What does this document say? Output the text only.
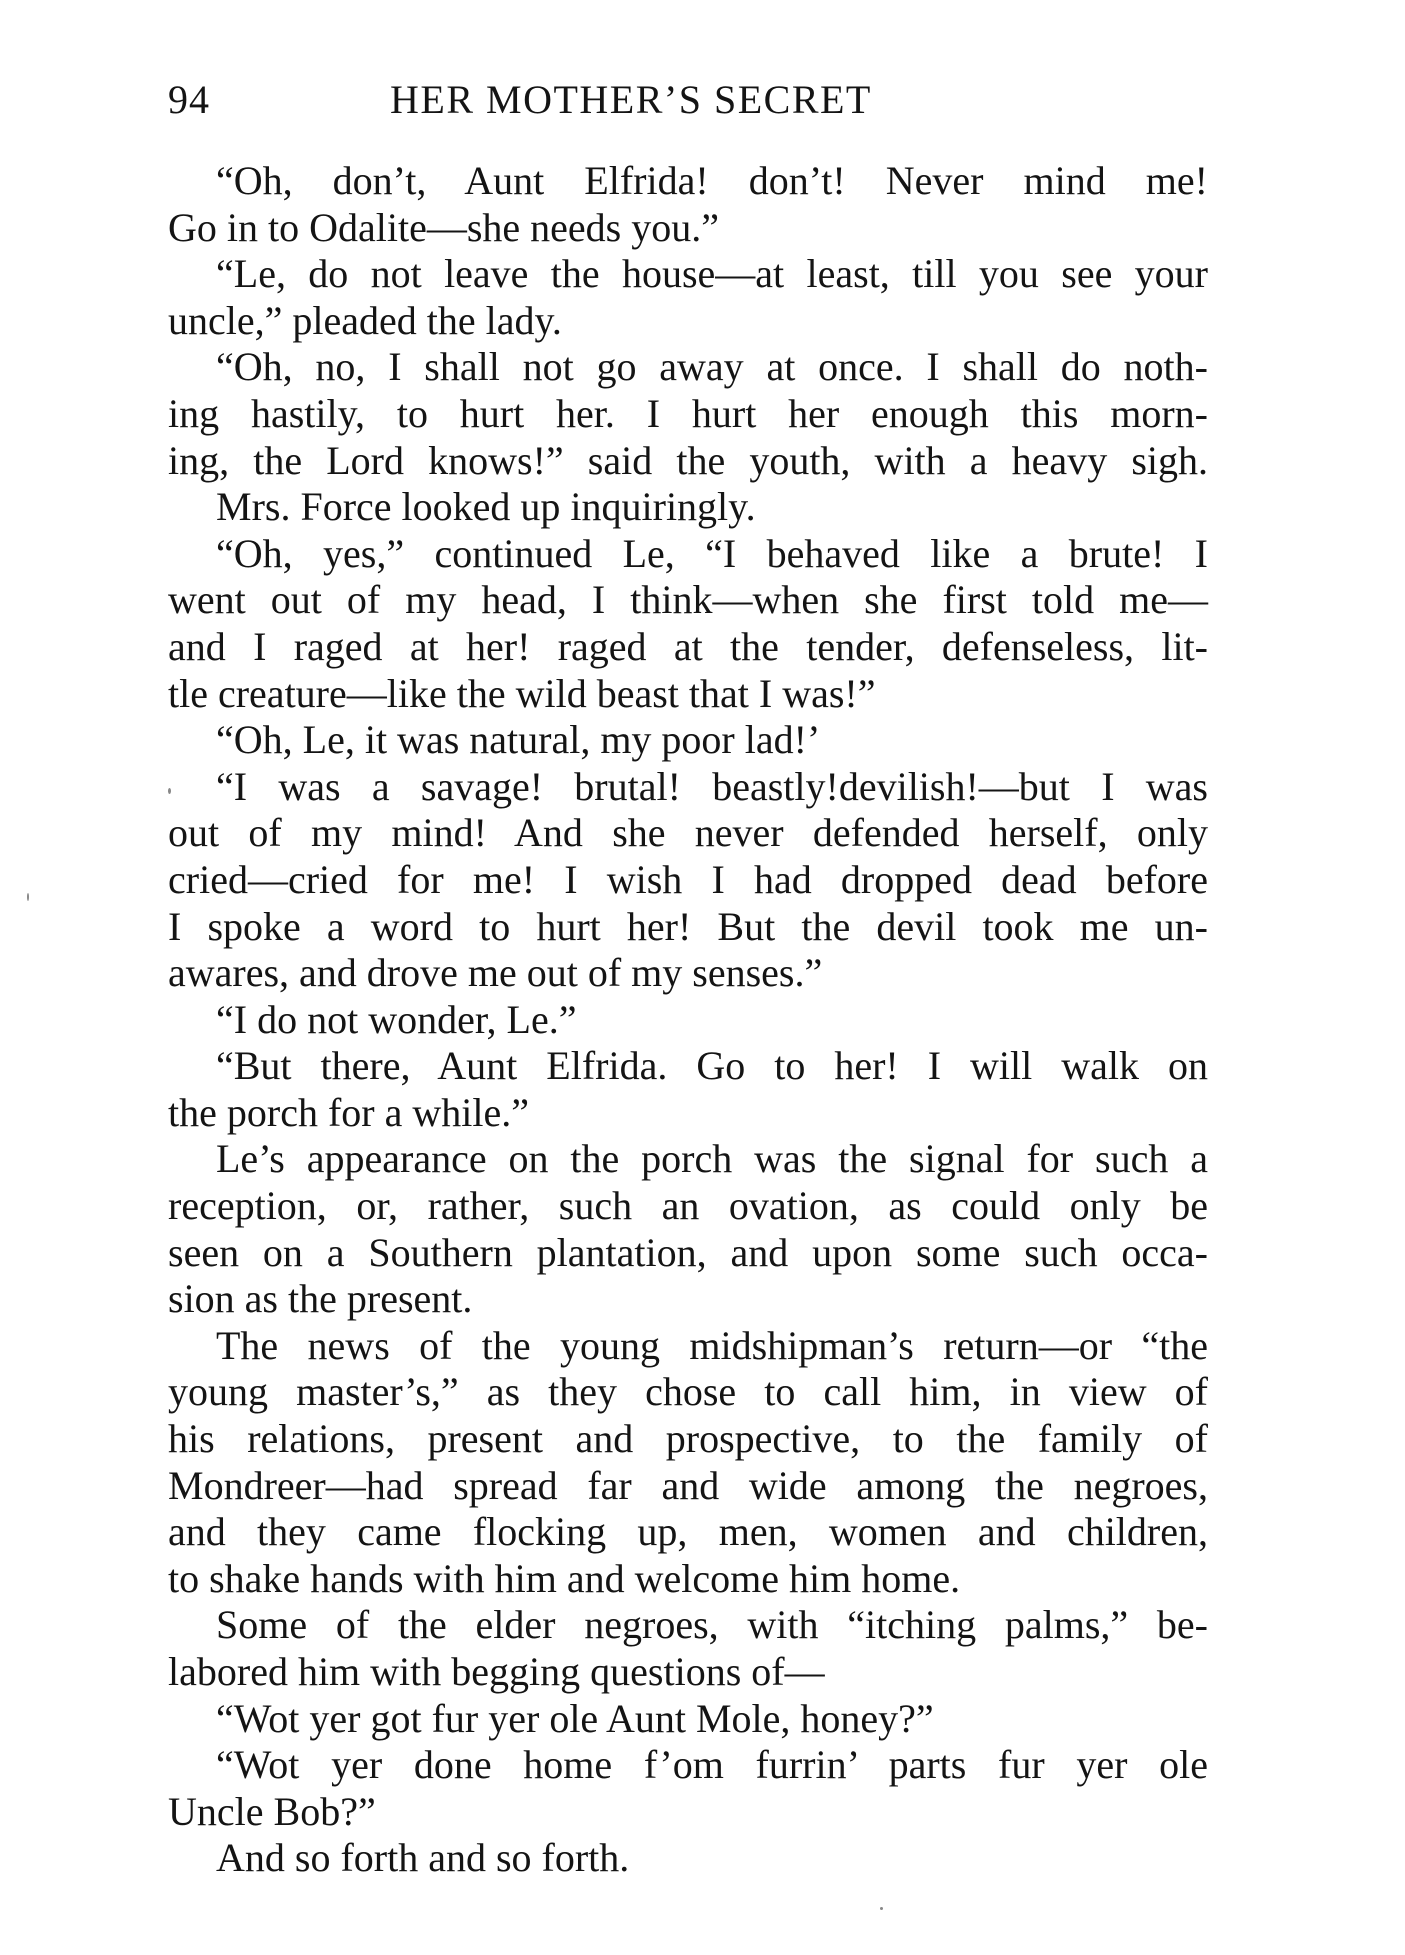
94	HER MOTHER’S SECRET
“Oh, don’t, Aunt Elfrida! don’t! Never mind me!
Go in to Odalite—she needs you.”
“Le, do not leave the house—at least, till you see your
uncle,” pleaded the lady.
“Oh, no, I shall not go away at once. I shall do noth-
ing hastily, to hurt her. I hurt her enough this morn-
ing, the Lord knows!” said the youth, with a heavy sigh.
Mrs. Force looked up inquiringly.
“Oh, yes,” continued Le, “I behaved like a brute! I
went out of my head, I think—when she first told me—
and I raged at her! raged at the tender, defenseless, lit-
tle creature—like the wild beast that I was!”
“Oh, Le, it was natural, my poor lad!’
“I was a savage! brutal! beastly!devilish!—but I was
out of my mind! And she never defended herself, only
cried—cried for me! I wish I had dropped dead before
I spoke a word to hurt her! But the devil took me un-
awares, and drove me out of my senses.”
“I do not wonder, Le.”
“But there, Aunt Elfrida. Go to her! I will walk on
the porch for a while.”
Le’s appearance on the porch was the signal for such a
reception, or, rather, such an ovation, as could only be
seen on a Southern plantation, and upon some such occa-
sion as the present.
The news of the young midshipman’s return—or “the
young master’s,” as they chose to call him, in view of
his relations, present and prospective, to the family of
Mondreer—had spread far and wide among the negroes,
and they came flocking up, men, women and children,
to shake hands with him and welcome him home.
Some of the elder negroes, with “itching palms,” be-
labored him with begging questions of—
“Wot yer got fur yer ole Aunt Mole, honey?”
“Wot yer done home f’om furrin’ parts fur yer ole
Uncle Bob?”
And so forth and so forth.
